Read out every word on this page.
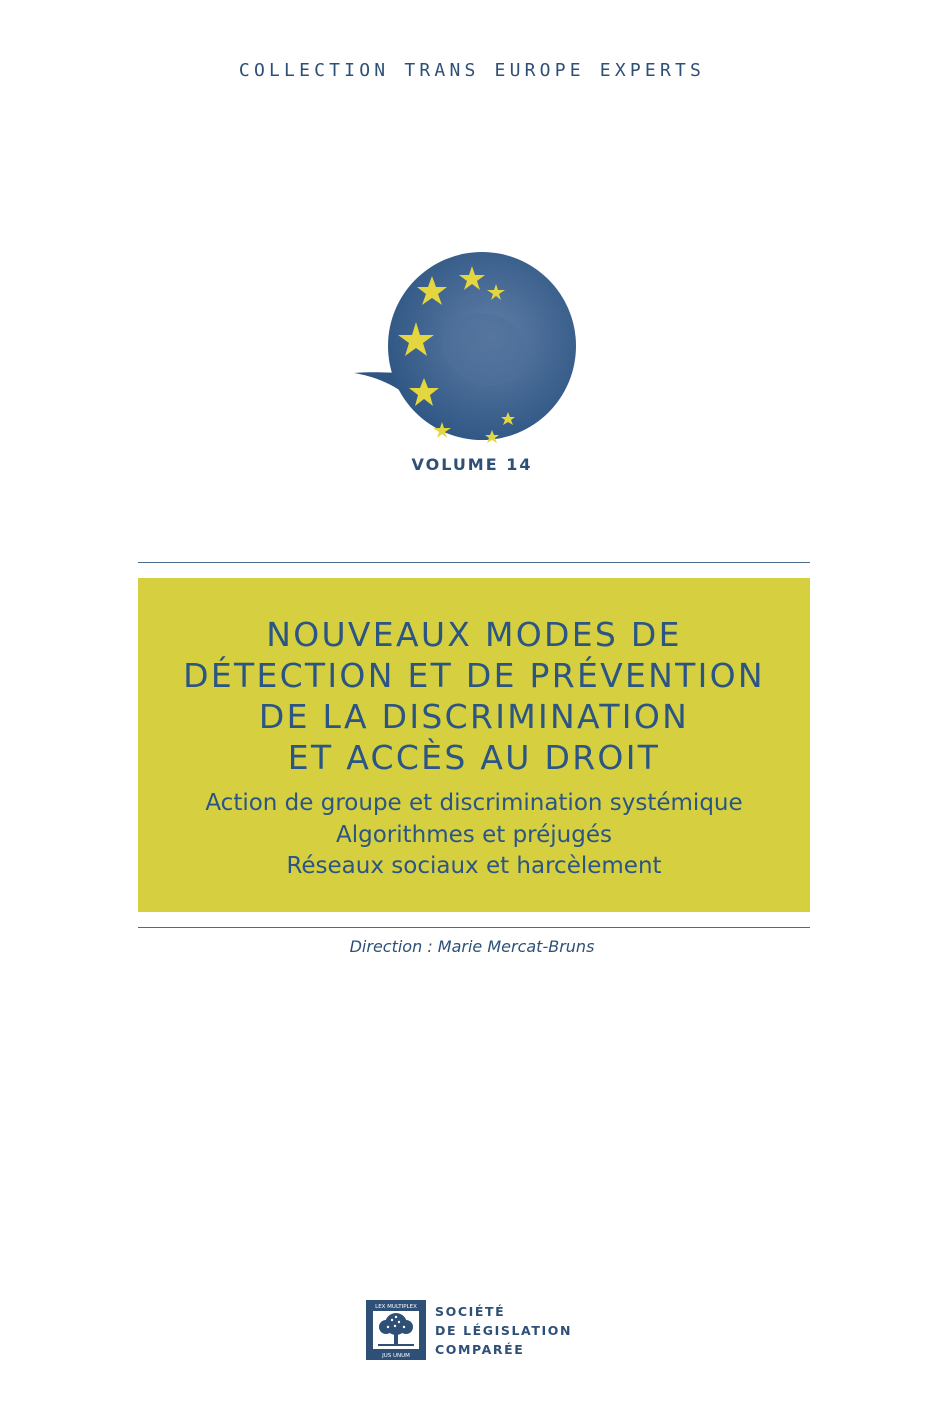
COLLECTION TRANS EUROPE EXPERTS
VOLUME 14
NOUVEAUX MODES DE
DÉTECTION ET DE PRÉVENTION
DE LA DISCRIMINATION
ET ACCÈS AU DROIT
Action de groupe et discrimination systémique
Algorithmes et préjugés
Réseaux sociaux et harcèlement
Direction : Marie Mercat-Bruns
LEX MULTIPLEX
JUS UNUM
SOCIÉTÉ
DE LÉGISLATION
COMPARÉE
